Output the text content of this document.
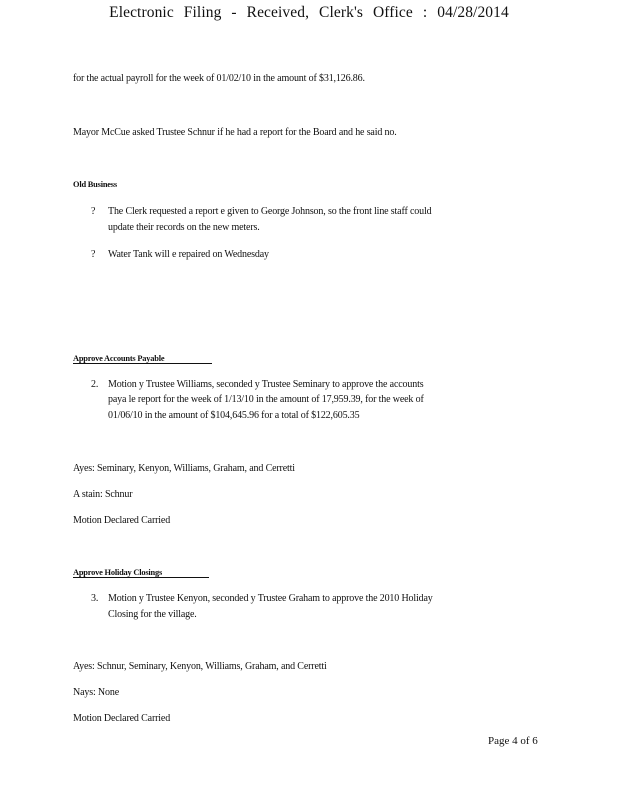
Electronic Filing - Received, Clerk's Office : 04/28/2014
for the actual payroll for the week of 01/02/10 in the amount of $31,126.86.
Mayor McCue asked Trustee Schnur if he had a report for the Board and he said no.
Old Business
? The Clerk requested a report e given to George Johnson, so the front line staff could
update their records on the new meters.
? Water Tank will e repaired on Wednesday
Approve Accounts Payable
2. Motion y Trustee Williams, seconded y Trustee Seminary to approve the accounts
paya le report for the week of 1/13/10 in the amount of 17,959.39, for the week of
01/06/10 in the amount of $104,645.96 for a total of $122,605.35
Ayes: Seminary, Kenyon, Williams, Graham, and Cerretti
A stain: Schnur
Motion Declared Carried
Approve Holiday Closings
3. Motion y Trustee Kenyon, seconded y Trustee Graham to approve the 2010 Holiday
Closing for the village.
Ayes: Schnur, Seminary, Kenyon, Williams, Graham, and Cerretti
Nays: None
Motion Declared Carried
Page 4 of 6
